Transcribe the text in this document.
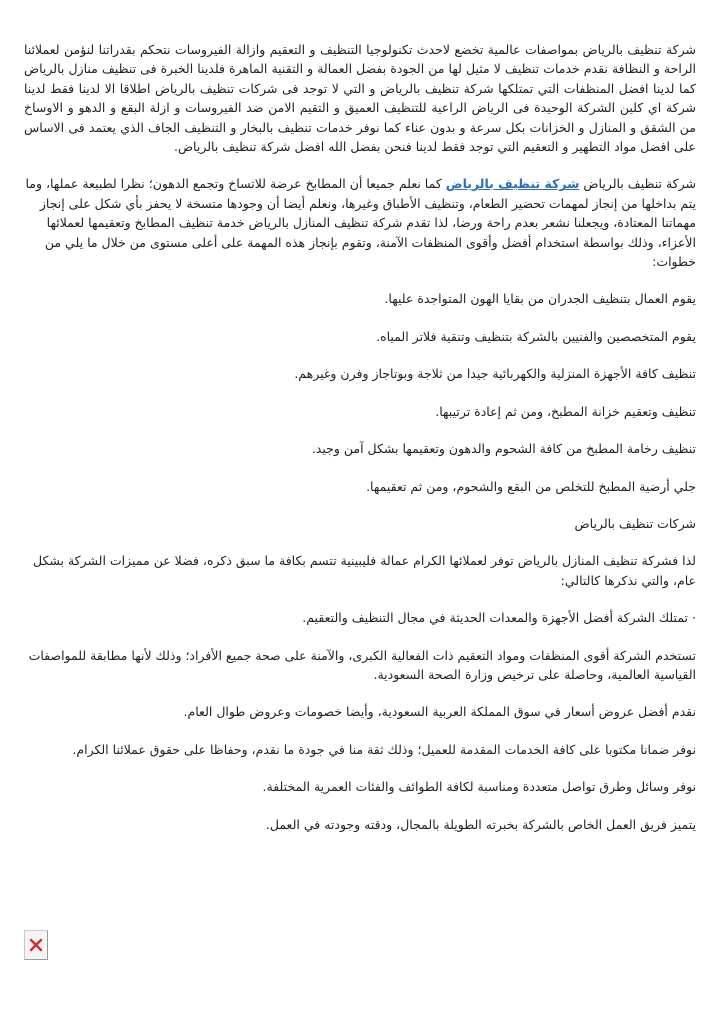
شركة تنظيف بالرياض بمواصفات عالمية تخضع لاحدث تكنولوجيا التنظيف و التعقيم وازالة الفيروسات نتحكم بقدراتنا لنؤمن لعملائنا الراحة و النظافة نقدم خدمات تنظيف لا مثيل لها من الجودة بفضل العمالة و التقنية الماهرة فلدينا الخبرة فى تنظيف منازل بالرياض كما لدينا افضل المنظفات التي تمتلكها شركة تنظيف بالرياض و التي لا توجد فى شركات تنظيف بالرياض اطلاقا الا لدينا فقط لدينا شركة اي كلين الشركة الوحيدة فى الرياض الراعية للتنظيف العميق و التقيم الامن ضد الفيروسات و ازلة البقع و الدهو و الاوساخ من الشقق و المنازل و الخزانات بكل سرعة و بدون عناء كما نوفر خدمات تنظيف بالبخار و التنظيف الجاف الذي يعتمد فى الاساس على افضل مواد التطهير و التعقيم التي توجد فقط لدينا فنحن بفضل الله افضل شركة تنظيف بالرياض.

شركة تنظيف بالرياض شركة تنظيف بالرياض كما نعلم جميعا أن المطابخ عرضة للاتساخ وتجمع الدهون؛ نظرا لطبيعة عملها، وما يتم بداخلها من إنجاز لمهمات تحضير الطعام، وتنظيف الأطباق وغيرها، ونعلم أيضا أن وجودها متسخة لا يحفز بأي شكل على إنجاز مهماتنا المعتادة، ويجعلنا نشعر بعدم راحة ورضا، لذا تقدم شركة تنظيف المنازل بالرياض خدمة تنظيف المطابخ وتعقيمها لعملائها الأعزاء، وذلك بواسطة استخدام أفضل وأقوى المنظفات الآمنة، وتقوم بإنجاز هذه المهمة على أعلى مستوى من خلال ما يلي من خطوات:

يقوم العمال بتنظيف الجدران من بقايا الهون المتواجدة عليها.

يقوم المتخصصين والفنيين بالشركة بتنظيف وتنقية فلاتر المياه.

تنظيف كافة الأجهزة المنزلية والكهربائية جيدا من ثلاجة وبوتاجاز وفرن وغيرهم.

تنظيف وتعقيم خزانة المطبخ، ومن ثم إعادة ترتيبها.

تنظيف رخامة المطبخ من كافة الشحوم والدهون وتعقيمها بشكل آمن وجيد.

جلي أرضية المطبخ للتخلص من البقع والشحوم، ومن ثم تعقيمها.

شركات تنظيف بالرياض

لذا فشركة تنظيف المنازل بالرياض توفر لعملائها الكرام عمالة فليبينية تتسم بكافة ما سبق ذكره، فضلا عن مميزات الشركة بشكل عام، والتي نذكرها كالتالي:

· تمتلك الشركة أفضل الأجهزة والمعدات الحديثة في مجال التنظيف والتعقيم.

تستخدم الشركة أقوى المنظفات ومواد التعقيم ذات الفعالية الكبرى، والآمنة على صحة جميع الأفراد؛ وذلك لأنها مطابقة للمواصفات القياسية العالمية، وحاصلة على ترخيص وزارة الصحة السعودية.

نقدم أفضل عروض أسعار في سوق المملكة العربية السعودية، وأيضا خصومات وعروض طوال العام.

نوفر ضمانا مكتوبا على كافة الخدمات المقدمة للعميل؛ وذلك ثقة منا في جودة ما نقدم، وحفاظا على حقوق عملائنا الكرام.

نوفر وسائل وطرق تواصل متعددة ومناسبة لكافة الطوائف والفئات العمرية المختلفة.

يتميز فريق العمل الخاص بالشركة بخبرته الطويلة بالمجال، ودقته وجودته في العمل.
